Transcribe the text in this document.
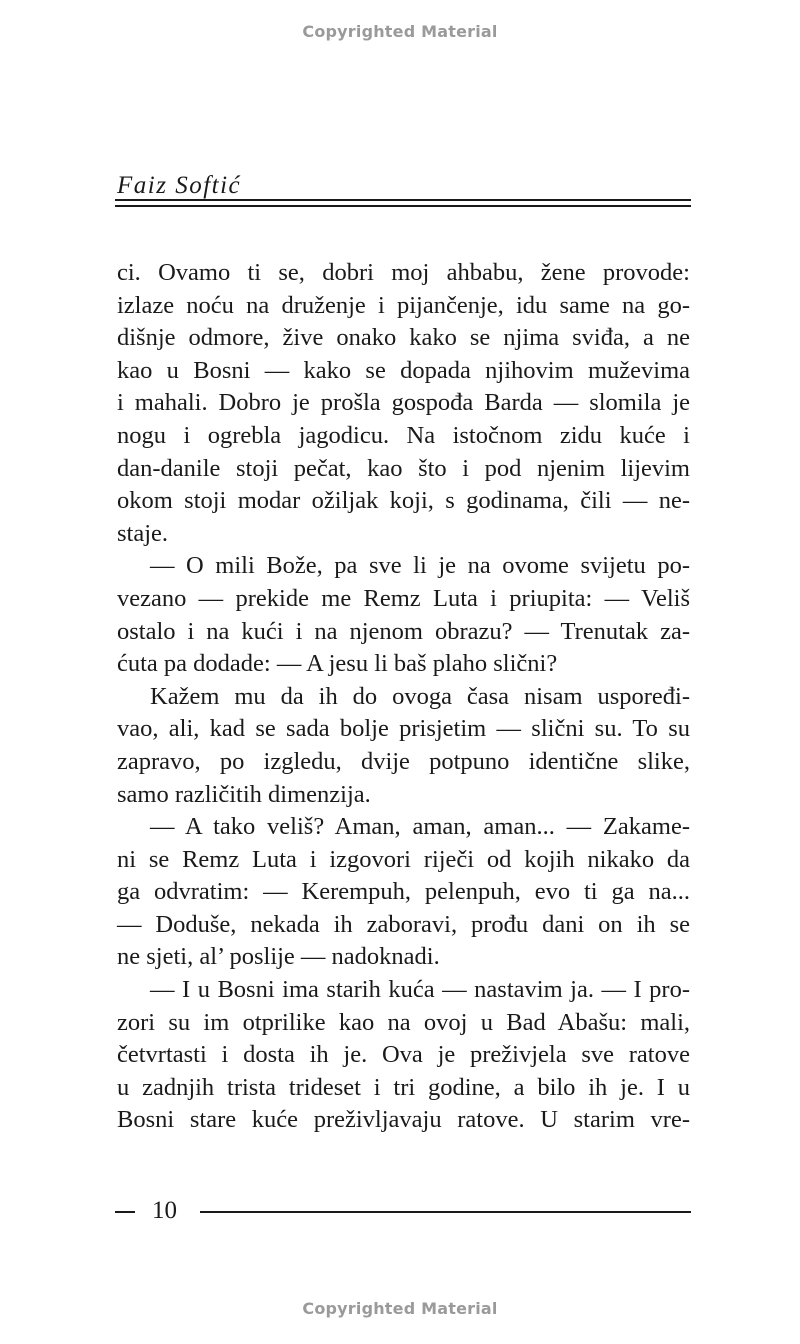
Copyrighted Material
Faiz Softić
ci. Ovamo ti se, dobri moj ahbabu, žene provode:
izlaze noću na druženje i pijančenje, idu same na go-
dišnje odmore, žive onako kako se njima sviđa, a ne
kao u Bosni — kako se dopada njihovim muževima
i mahali. Dobro je prošla gospođa Barda — slomila je
nogu i ogrebla jagodicu. Na istočnom zidu kuće i
dan-danile stoji pečat, kao što i pod njenim lijevim
okom stoji modar ožiljak koji, s godinama, čili — ne-
staje.
— O mili Bože, pa sve li je na ovome svijetu po-
vezano — prekide me Remz Luta i priupita: — Veliš
ostalo i na kući i na njenom obrazu? — Trenutak za-
ćuta pa dodade: — A jesu li baš plaho slični?
Kažem mu da ih do ovoga časa nisam uspoređi-
vao, ali, kad se sada bolje prisjetim — slični su. To su
zapravo, po izgledu, dvije potpuno identične slike,
samo različitih dimenzija.
— A tako veliš? Aman, aman, aman... — Zakame-
ni se Remz Luta i izgovori riječi od kojih nikako da
ga odvratim: — Kerempuh, pelenpuh, evo ti ga na...
— Doduše, nekada ih zaboravi, prođu dani on ih se
ne sjeti, al’ poslije — nadoknadi.
— I u Bosni ima starih kuća — nastavim ja. — I pro-
zori su im otprilike kao na ovoj u Bad Abašu: mali,
četvrtasti i dosta ih je. Ova je preživjela sve ratove
u zadnjih trista trideset i tri godine, a bilo ih je. I u
Bosni stare kuće preživljavaju ratove. U starim vre-
10
Copyrighted Material
